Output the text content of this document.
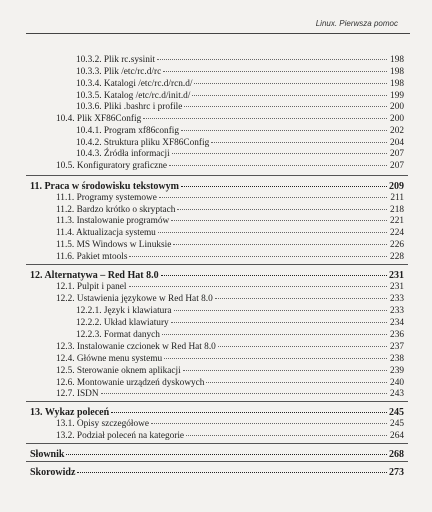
Linux. Pierwsza pomoc
10.3.2. Plik rc.sysinit	198
10.3.3. Plik /etc/rc.d/rc	198
10.3.4. Katalogi /etc/rc.d/rcn.d/	198
10.3.5. Katalog /etc/rc.d/init.d/	199
10.3.6. Pliki .bashrc i profile	200
10.4. Plik XF86Config	200
10.4.1. Program xf86config	202
10.4.2. Struktura pliku XF86Config	204
10.4.3. Źródła informacji	207
10.5. Konfiguratory graficzne	207
11. Praca w środowisku tekstowym	209
11.1. Programy systemowe	211
11.2. Bardzo krótko o skryptach	218
11.3. Instalowanie programów	221
11.4. Aktualizacja systemu	224
11.5. MS Windows w Linuksie	226
11.6. Pakiet mtools	228
12. Alternatywa – Red Hat 8.0	231
12.1. Pulpit i panel	231
12.2. Ustawienia językowe w Red Hat 8.0	233
12.2.1. Język i klawiatura	233
12.2.2. Układ klawiatury	234
12.2.3. Format danych	236
12.3. Instalowanie czcionek w Red Hat 8.0	237
12.4. Główne menu systemu	238
12.5. Sterowanie oknem aplikacji	239
12.6. Montowanie urządzeń dyskowych	240
12.7. ISDN	243
13. Wykaz poleceń	245
13.1. Opisy szczegółowe	245
13.2. Podział poleceń na kategorie	264
Słownik	268
Skorowidz	273
